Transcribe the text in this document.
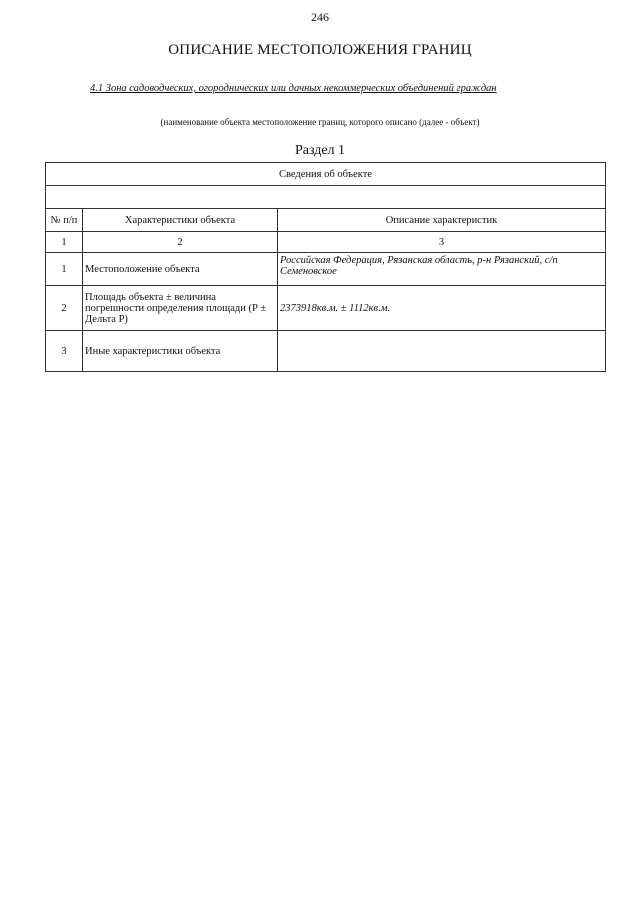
246
ОПИСАНИЕ МЕСТОПОЛОЖЕНИЯ ГРАНИЦ
4.1 Зона садоводческих, огороднических или дачных некоммерческих объединений граждан
(наименование объекта местоположение границ, которого описано (далее - объект)
Раздел 1
Сведения об объекте		

№ п/п	Характеристики объекта	Описание характеристик
1	2	3
1	Местоположение объекта	Российская Федерация, Рязанская область, р-н Рязанский, с/п Семеновское
2	Площадь объекта ± величина погрешности определения площади (Р ± Дельта Р)	2373918кв.м. ± 1112кв.м.
3	Иные характеристики объекта	
